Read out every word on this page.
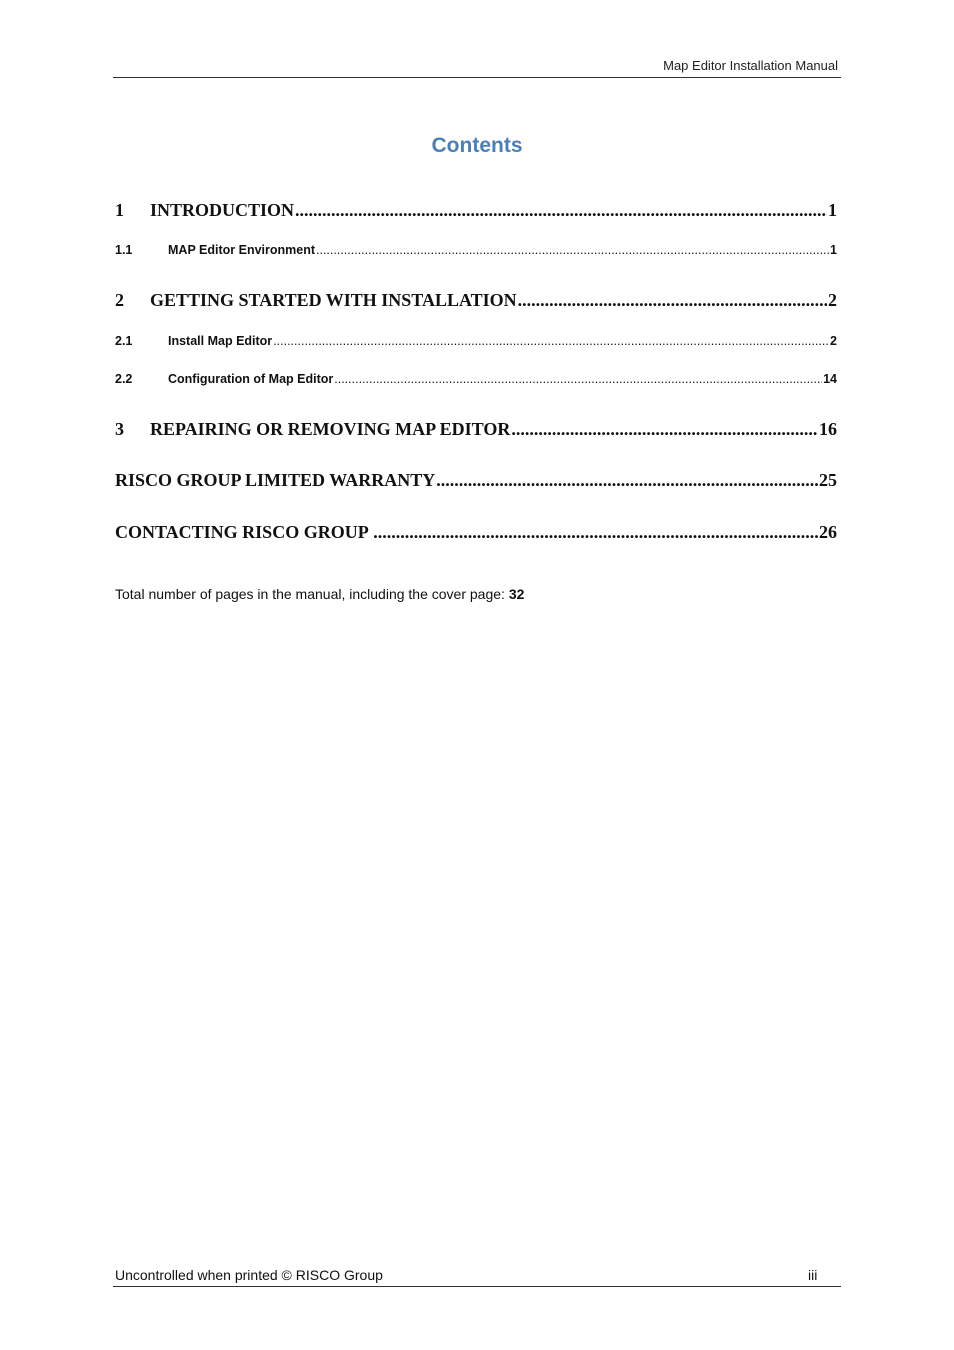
Map Editor Installation Manual
Contents
1	INTRODUCTION .....	1
1.1	MAP Editor Environment .....	1
2	GETTING STARTED WITH INSTALLATION .....	2
2.1	Install Map Editor .....	2
2.2	Configuration of Map Editor .....	14
3	REPAIRING OR REMOVING MAP EDITOR .....	16
RISCO GROUP LIMITED WARRANTY .....	25
CONTACTING RISCO GROUP .....	26
Total number of pages in the manual, including the cover page: 32
Uncontrolled when printed © RISCO Group	iii
